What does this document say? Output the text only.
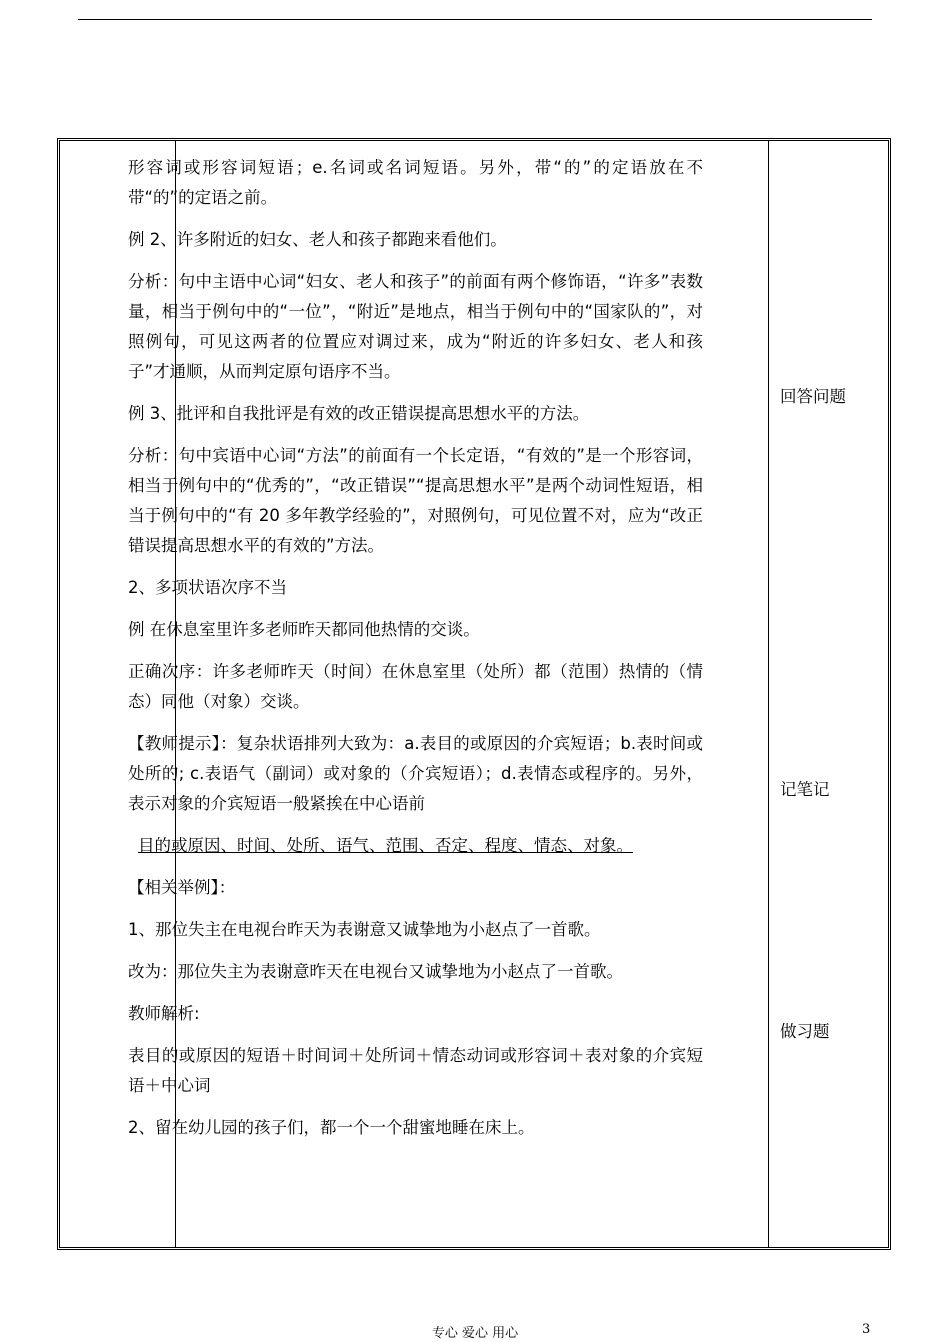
形容词或形容词短语；e.名词或名词短语。另外，带“的”的定语放在不带“的”的定语之前。

例 2、许多附近的妇女、老人和孩子都跑来看他们。

分析：句中主语中心词“妇女、老人和孩子”的前面有两个修饰语，“许多”表数量，相当于例句中的“一位”，“附近”是地点，相当于例句中的“国家队的”，对照例句，可见这两者的位置应对调过来，成为“附近的许多妇女、老人和孩子”才通顺，从而判定原句语序不当。

例 3、批评和自我批评是有效的改正错误提高思想水平的方法。

分析：句中宾语中心词“方法”的前面有一个长定语，“有效的”是一个形容词，相当于例句中的“优秀的”，“改正错误”“提高思想水平”是两个动词性短语，相当于例句中的“有 20 多年教学经验的”，对照例句，可见位置不对，应为“改正错误提高思想水平的有效的”方法。

2、多项状语次序不当

例 在休息室里许多老师昨天都同他热情的交谈。

正确次序：许多老师昨天（时间）在休息室里（处所）都（范围）热情的（情态）同他（对象）交谈。

【教师提示】：复杂状语排列大致为：a.表目的或原因的介宾短语；b.表时间或处所的; c.表语气（副词）或对象的（介宾短语）；d.表情态或程序的。另外，表示对象的介宾短语一般紧挨在中心语前

目的或原因、时间、处所、语气、范围、否定、程度、情态、对象。

【相关举例】：

1、那位失主在电视台昨天为表谢意又诚挚地为小赵点了一首歌。

改为：那位失主为表谢意昨天在电视台又诚挚地为小赵点了一首歌。

教师解析:

表目的或原因的短语＋时间词＋处所词＋情态动词或形容词＋表对象的介宾短语＋中心词

2、留在幼儿园的孩子们，都一个一个甜蜜地睡在床上。

回答问题
记笔记
做习题
专心 爱心 用心	3
